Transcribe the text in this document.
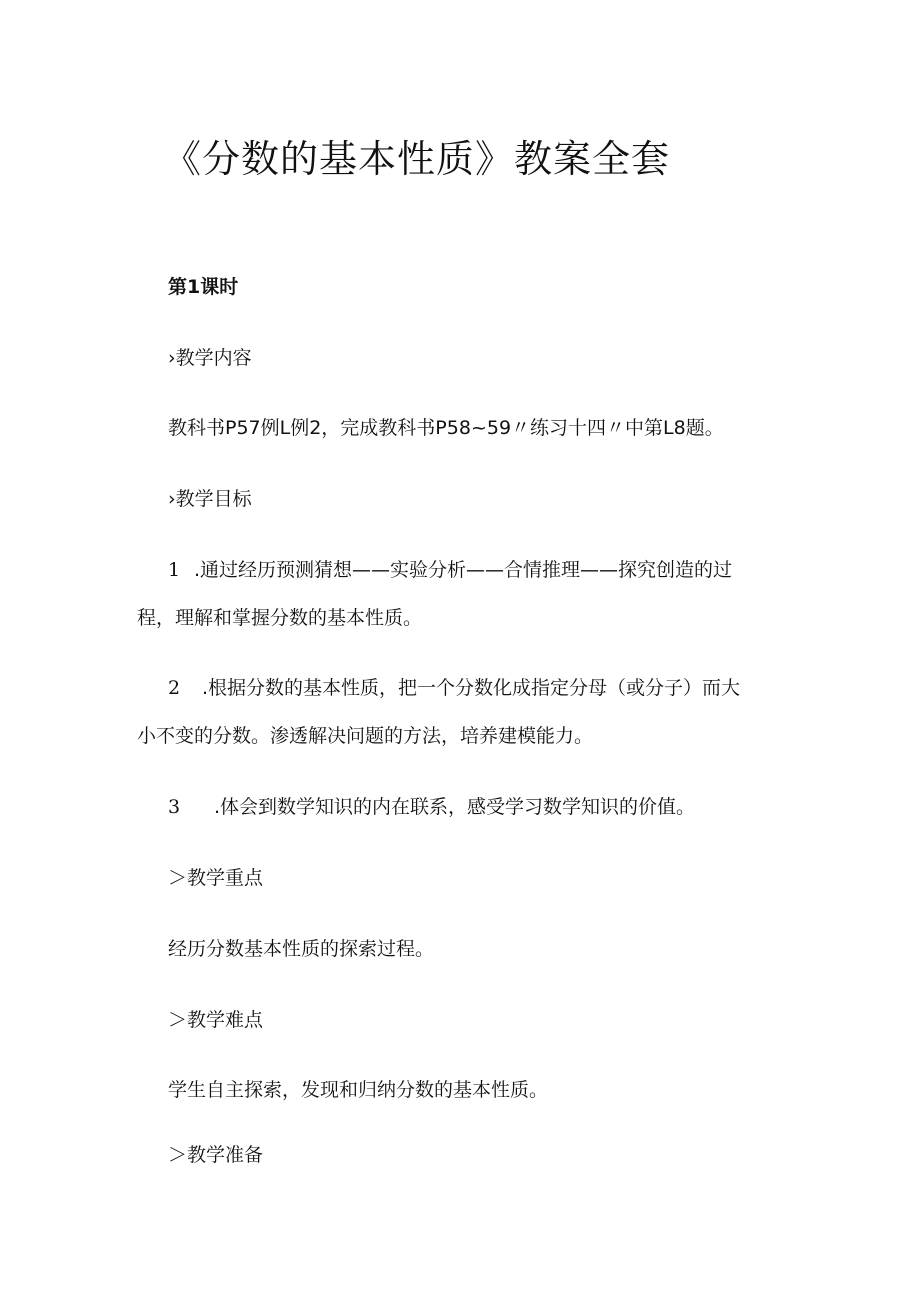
《分数的基本性质》教案全套

第1课时

›教学内容

教科书P57例L例2，完成教科书P58~59〃练习十四〃中第L8题。

›教学目标

1 .通过经历预测猜想——实验分析——合情推理——探究创造的过

程，理解和掌握分数的基本性质。

2 .根据分数的基本性质，把一个分数化成指定分母（或分子）而大

小不变的分数。渗透解决问题的方法，培养建模能力。

3 .体会到数学知识的内在联系，感受学习数学知识的价值。

＞教学重点

经历分数基本性质的探索过程。

＞教学难点

学生自主探索，发现和归纳分数的基本性质。

＞教学准备
